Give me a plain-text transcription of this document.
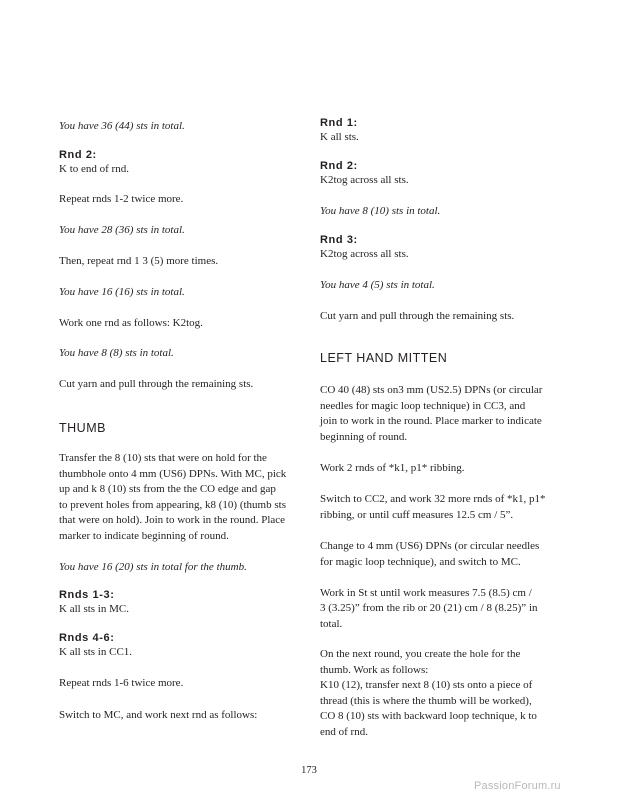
You have 36 (44) sts in total.

Rnd 2:

K to end of rnd.

Repeat rnds 1-2 twice more.

You have 28 (36) sts in total.

Then, repeat rnd 1 3 (5) more times.

You have 16 (16) sts in total.

Work one rnd as follows: K2tog.

You have 8 (8) sts in total.

Cut yarn and pull through the remaining sts.

THUMB

Transfer the 8 (10) sts that were on hold for the

thumbhole onto 4 mm (US6) DPNs. With MC, pick

up and k 8 (10) sts from the the CO edge and gap

to prevent holes from appearing, k8 (10) (thumb sts

that were on hold). Join to work in the round. Place

marker to indicate beginning of round.

You have 16 (20) sts in total for the thumb.

Rnds 1-3:

K all sts in MC.

Rnds 4-6:

K all sts in CC1.

Repeat rnds 1-6 twice more.

Switch to MC, and work next rnd as follows:

Rnd 1:

K all sts.

Rnd 2:

K2tog across all sts.

You have 8 (10) sts in total.

Rnd 3:

K2tog across all sts.

You have 4 (5) sts in total.

Cut yarn and pull through the remaining sts.

LEFT HAND MITTEN

CO 40 (48) sts on3 mm (US2.5) DPNs (or circular

needles for magic loop technique) in CC3, and

join to work in the round. Place marker to indicate

beginning of round.

Work 2 rnds of *k1, p1* ribbing.

Switch to CC2, and work 32 more rnds of *k1, p1*

ribbing, or until cuff measures 12.5 cm / 5”.

Change to 4 mm (US6) DPNs (or circular needles

for magic loop technique), and switch to MC.

Work in St st until work measures 7.5 (8.5) cm /

3 (3.25)” from the rib or 20 (21) cm / 8 (8.25)” in

total.

On the next round, you create the hole for the

thumb. Work as follows:

K10 (12), transfer next 8 (10) sts onto a piece of

thread (this is where the thumb will be worked),

CO 8 (10) sts with backward loop technique, k to

end of rnd.

173
PassionForum.ru
